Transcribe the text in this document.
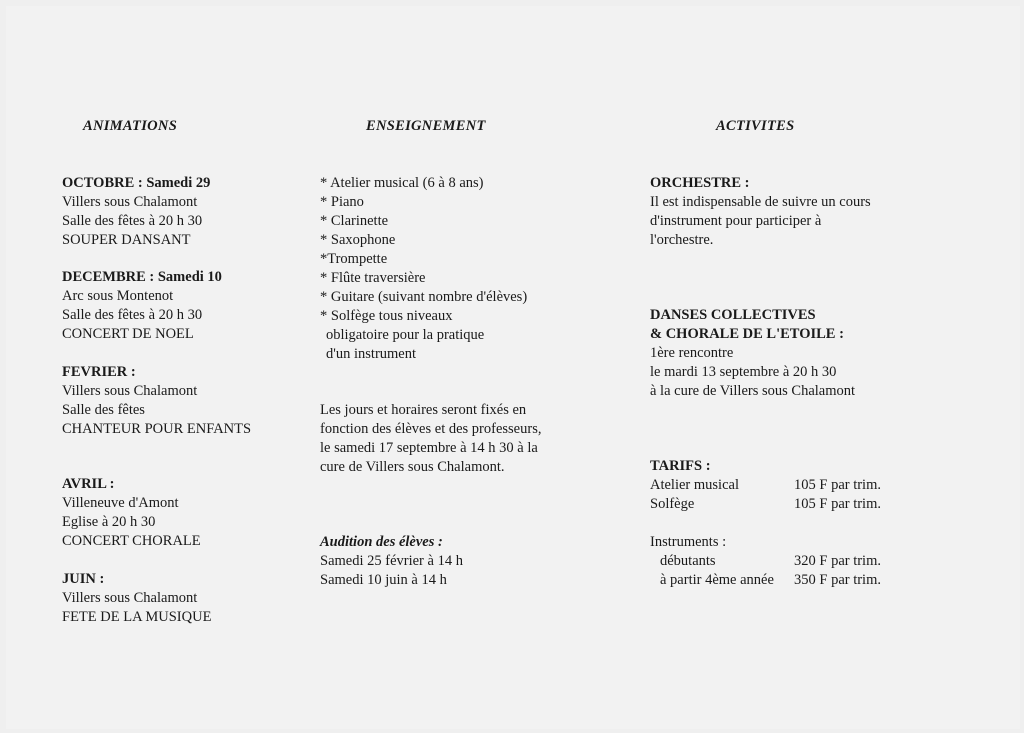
ANIMATIONS	ENSEIGNEMENT	ACTIVITES
OCTOBRE : Samedi 29
Villers sous Chalamont
Salle des fêtes à 20 h 30
SOUPER DANSANT
DECEMBRE : Samedi 10
Arc sous Montenot
Salle des fêtes à 20 h 30
CONCERT DE NOEL
FEVRIER :
Villers sous Chalamont
Salle des fêtes
CHANTEUR POUR ENFANTS
AVRIL :
Villeneuve d'Amont
Eglise à 20 h 30
CONCERT CHORALE
JUIN :
Villers sous Chalamont
FETE DE LA MUSIQUE
* Atelier musical (6 à 8 ans)
* Piano
* Clarinette
* Saxophone
*Trompette
* Flûte traversière
* Guitare (suivant nombre d'élèves)
* Solfège tous niveaux
obligatoire pour la pratique
d'un instrument
Les jours et horaires seront fixés en
fonction des élèves et des professeurs,
le samedi 17 septembre à 14 h 30 à la
cure de Villers sous Chalamont.
Audition des élèves :
Samedi 25 février à 14 h
Samedi 10 juin à 14 h
ORCHESTRE :
Il est indispensable de suivre un cours
d'instrument pour participer à
l'orchestre.
DANSES COLLECTIVES
& CHORALE DE L'ETOILE :
1ère rencontre
le mardi 13 septembre à 20 h 30
à la cure de Villers sous Chalamont
TARIFS :
Atelier musical	105 F par trim.
Solfège	105 F par trim.
Instruments :
débutants	320 F par trim.
à partir 4ème année 350 F par trim.
